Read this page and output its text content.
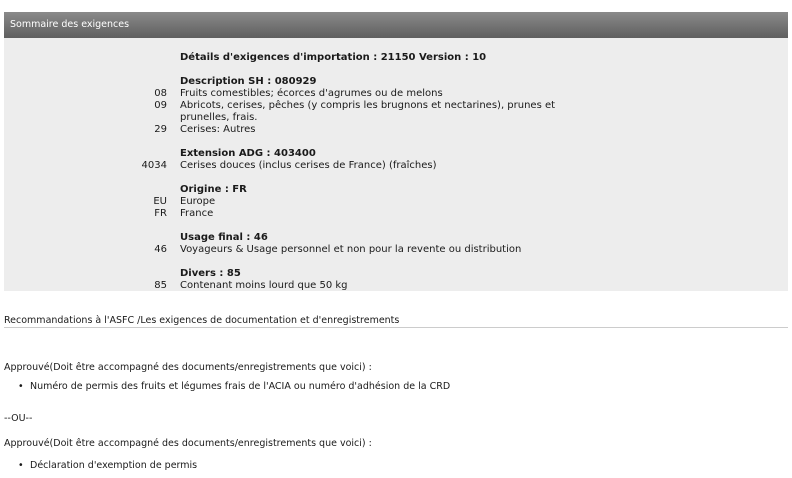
Sommaire des exigences
Détails d'exigences d'importation : 21150 Version : 10
Description SH : 080929
08 Fruits comestibles; écorces d'agrumes ou de melons
09 Abricots, cerises, pêches (y compris les brugnons et nectarines), prunes et
prunelles, frais.
29 Cerises: Autres
Extension ADG : 403400
4034 Cerises douces (inclus cerises de France) (fraîches)
Origine : FR
EU Europe
FR France
Usage final : 46
46 Voyageurs & Usage personnel et non pour la revente ou distribution
Divers : 85
85 Contenant moins lourd que 50 kg
Recommandations à l'ASFC /Les exigences de documentation et d'enregistrements
Approuvé(Doit être accompagné des documents/enregistrements que voici) :
• Numéro de permis des fruits et légumes frais de l'ACIA ou numéro d'adhésion de la CRD
--OU--
Approuvé(Doit être accompagné des documents/enregistrements que voici) :
• Déclaration d'exemption de permis
